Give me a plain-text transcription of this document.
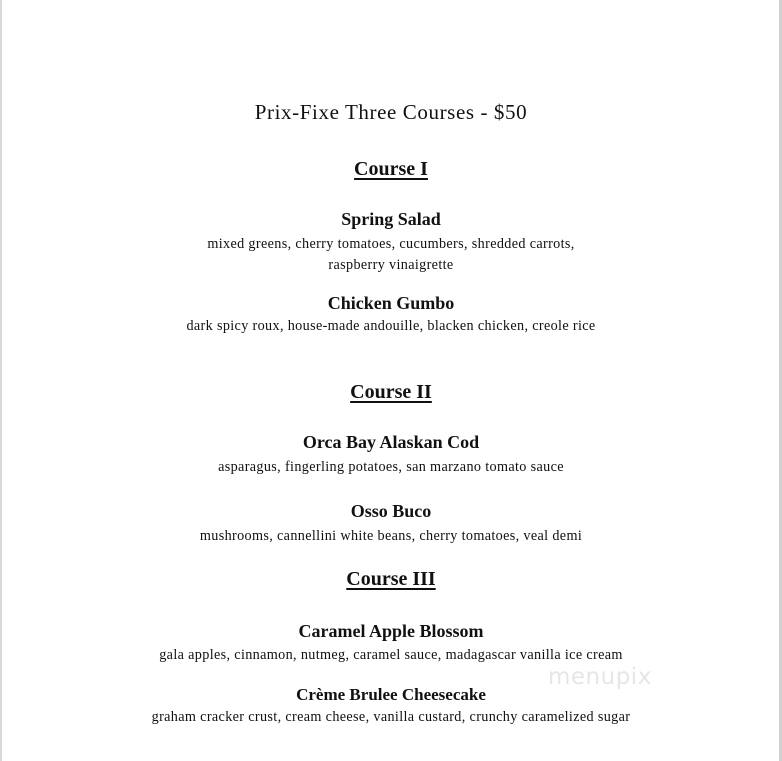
Prix-Fixe Three Courses - $50
Course I
Spring Salad
mixed greens, cherry tomatoes, cucumbers, shredded carrots,
raspberry vinaigrette
Chicken Gumbo
dark spicy roux, house-made andouille, blacken chicken, creole rice
Course II
Orca Bay Alaskan Cod
asparagus, fingerling potatoes, san marzano tomato sauce
Osso Buco
mushrooms, cannellini white beans, cherry tomatoes, veal demi
Course III
Caramel Apple Blossom
gala apples, cinnamon, nutmeg, caramel sauce, madagascar vanilla ice cream
Crème Brulee Cheesecake
graham cracker crust, cream cheese, vanilla custard, crunchy caramelized sugar
menupix
